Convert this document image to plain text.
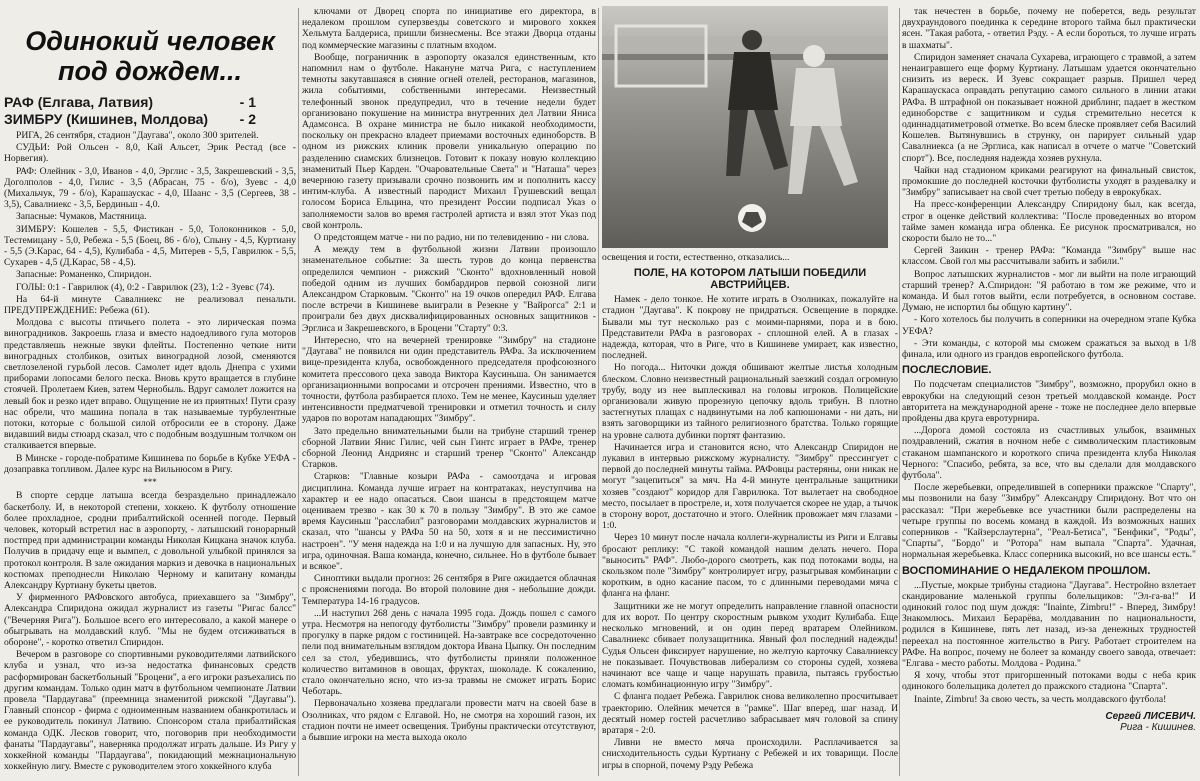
Одинокий человек под дождем...
РАФ (Елгава, Латвия)	- 1
ЗИМБРУ (Кишинев, Молдова) - 2

РИГА, 26 сентября, стадион "Даугава", около 300 зрителей.

СУДЬИ: Рой Ольсен - 8,0, Кай Альсет, Эрик Рестад (все - Норвегия).

РАФ: Олейник - 3,0, Иванов - 4,0, Эрглис - 3,5, Закрешевский - 3,5, Доголполов - 4,0, Гилис - 3,5 (Абрасан, 75 - б/о), Зуевс - 4,0 (Михальчук, 79 - б/о), Карашаускас - 4,0, Шаанс - 3,5 (Сергеев, 38 - 3,5), Савалниекс - 3,5, Бердиньш - 4,0.

Запасные: Чумаков, Мастяница.

ЗИМБРУ: Кошелев - 5,5, Фистикан - 5,0, Толоконников - 5,0, Тестемицану - 5,0, Ребежа - 5,5 (Боец, 86 - б/о), Спыну - 4,5, Куртиану - 5,5 (Э.Карас, 64 - 4,5), Кулибаба - 4,5, Митерев - 5,5, Гаврилюк - 5,5, Сухарев - 4,5 (Д.Карас, 58 - 4,5).

Запасные: Романенко, Спиридон.

ГОЛЫ: 0:1 - Гаврилюк (4), 0:2 - Гаврилюк (23), 1:2 - Зуевс (74).

На 64-й минуте Савалниекс не реализовал пенальти. ПРЕДУПРЕЖДЕНИЕ: Ребежа (61).

Молдова с высоты птичьего полета - это лирическая поэма виноградников. Закроешь глаза и вместо надоедливого гула моторов представляешь нежные звуки флейты. Постепенно четкие нити виноградных столбиков, озитых виноградной лозой, сменяются светлозеленой гурьбой лесов. Самолет идет вдоль Днепра с ухими приборами лопосами белого песка. Вновь круто вращается в глубине стоячей. Пролетаем Киев, затем Чернобыль. Вдруг самолет ложится на левый бок и резко идет вправо. Ощущение не из приятных! Пути сразу нас обрели, что машина попала в так называемые турбулентные потоки, которые с большой силой отбросили ее в сторону. Даже видавший виды стюард сказал, что с подобным воздушным толчком он сталкивается впервые.

В Минске - городе-побратиме Кишинева по борьбе в Кубке УЕФА - дозаправка топливом. Далее курс на Вильнюсом в Ригу.

***

В спорте сердце латыша всегда безраздельно принадлежало баскетболу. И, в некоторой степени, хоккею. К футболу отношение более прохладное, сродни прибалтийской осенней погоде. Первый человек, который встретил нас в аэропорту, - латышский гонорарный постпред при администрации команды Николая Кицкана значок клуба. Получив в придачу еще и вымпел, с довольной улыбкой принялся за протокол контроля. В зале ожидания маркиз и девочка в национальных костюмах преподнесли Николаю Черному и капитану команды Александру Куртиану букеты цветов.

У фирменного РАФовского автобуса, приехавшего за "Зимбру", Александра Спиридона ожидал журналист из газеты "Ригас балсс" ("Вечерняя Рига"). Большое всего его интересовало, а какой манере о обыгрывать на молдавский клуб. "Мы не будем отсиживаться в обороне", - коротко ответил Спиридон.

Вечером в разговоре со спортивными руководителями латвийского клуба и узнал, что из-за недостатка финансовых средств расформирован баскетбольный "Броцени", а его игроки разъехались по другим командам. Только один матч в футбольном чемпионате Латвии провела "Пардаугава" (преемница знаменитой рижской "Даугавы"). Главный спонсор - фирма с одноименным названием обанкротилась и ее руководитель покинул Латвию. Спонсором стала прибалтийская команда ОДК. Лесков говорит, что, поговорив при необходимости фанаты "Пардаугавы", наверняка продолжат играть дальше. Из Ригу у хоккейной команды "Пардаугава", покидающий межнациональную хоккейную лигу. Вместе с руководителем этого хоккейного клуба

ключами от Дворец спорта по инициативе его директора, в недалеком прошлом суперзвезды советского и мирового хоккея Хельмута Балдериса, пришли бизнесмены. Все этажи Дворца отданы под коммерческие магазины с платным входом.

Вообще, пограничник в аэропорту оказался единственным, кто напомнил нам о футболе. Накануне матча Рига, с наступлением темноты закутавшаяся в сияние огней отелей, ресторанов, магазинов, жила событиями, собственными интересами. Неизвестный телефонный звонок предупредил, что в течение недели будет организовано покушение на министра внутренних дел Латвии Яниса Адамсонса. В охране министра не было никакой необходимости, поскольку он прекрасно владеет приемами восточных единоборств. В одном из рижских клиник провели уникальную операцию по разделению сиамских близнецов. Готовит к показу новую коллекцию знаменитый Пьер Карден. "Очаровательные Света" и "Наташа" через вечернюю газету призывали срочно позвонить им и пополнить кассу интим-клуба. А известный пародист Михаил Грушевский вещал голосом Бориса Ельцина, что президент России подписал Указ о заполняемости залов во время гастролей артиста и взял этот Указ под свой контроль.

О предстоящем матче - ни по радио, ни по телевидению - ни слова.

А между тем в футбольной жизни Латвии произошло знаменательное событие: За шесть туров до конца первенства определился чемпион - рижский "Сконто" вдохновленный новой победой одним из лучших бомбардиров первой союзной лиги Александром Старковым. "Сконто" на 19 очков опередил РАФ. Елгава после встречи в Кишиневе выиграли в Резекне у "Вайрогса" 2:1 и проиграли без двух дисквалифицированных основных защитников - Эрглиса и Закрешевского, в Броцени "Старту" 0:3.

Интересно, что на вечерней тренировке "Зимбру" на стадионе "Даугава" не появился ни один представитель РАФа. За исключением вице-президента клуба, освобожденного председателя профсоюзного комитета прессового цеха завода Виктора Каусиньша. Он занимается организационными вопросами и отсрочен прениями. Известно, что в точности, футбола разбирается плохо. Тем не менее, Каусиньш уделяет интенсивности предматчевой тренировки и отметил точность и силу ударов по воротам нападающих "Зимбру".

Зато предельно внимательными были на трибуне старший тренер сборной Латвии Янис Гилис, чей сын Гинтс играет в РАФе, тренер сборной Леонид Андриянс и старший тренер "Сконто" Александр Старков.

Старков: "Главные козыри РАФа - самоотдача и игровая дисциплина. Команда лучше играет на контратаках, неуступчива на характер и ее надо опасаться. Свои шансы в предстоящем матче оцениваем трезво - как 30 к 70 в пользу "Зимбру". В это же самое время Каусиньш "расслабил" разговорами молдавских журналистов и сказал, что "шансы у РАФа 50 на 50, хотя я и не пессимистично настроен". "У меня надежда на 1:0 и на лучшую для запасных. Ну, это игра, одиночная. Ваша команда, конечно, сильнее. Но в футболе бывает и всякое".

Синоптики выдали прогноз: 26 сентября в Риге ожидается облачная с прояснениями погода. Во второй половине дня - небольшие дожди. Температура 14-16 градусов.

...И наступил 268 день с начала 1995 года. Дождь пошел с самого утра. Несмотря на непогоду футболисты "Зимбру" провели разминку и прогулку в парке рядом с гостиницей. На-завтраке все сосредоточенно пели под внимательным взглядом доктора Ивана Цыпку. Он последним сел за стол, убедившись, что футболисты приняли положенное количество витаминов в овощах, фруктах, шоколаде. К сожалению, стало окончательно ясно, что из-за травмы не сможет играть Борис Чеботарь.

Первоначально хозяева предлагали провести матч на своей базе в Озолниках, что рядом с Елгавой. Но, не смотря на хороший газон, их стадион почти не имеет освещения. Трибуны практически отсутствуют, а бывшие игроки на места выхода около

освещения и гости, естественно, отказались...
ПОЛЕ, НА КОТОРОМ ЛАТЫШИ ПОБЕДИЛИ АВСТРИЙЦЕВ.

Намек - дело тонкое. Не хотите играть в Озолниках, пожалуйте на стадион "Даугава". К покрову не придраться. Освещение в порядке. Бывали мы тут несколько раз с моими-парнями, пора и в бою. Представители РАФа в разговорах - сплошной елей. А в глазах - надежда, которая, что в Риге, что в Кишиневе умирает, как известно, последней.

Но погода... Ниточки дождя обшивают желтые листья холодным блеском. Словно неизвестный рациональный заезжий создал огромную трубу, воду из нее выплескивал на головы игроков. Полицейские организовали живую прорезную цепочку вдоль трибун. В плотно застегнутых плащах с надвинутыми на лоб капюшонами - ни дать, ни взять заговорщики из тайного религиозного братства. Только горящие на уровне салюта дубинки портят фантазию.

Начинается игра и становится ясно, что Александр Спиридон не лукавил в интервью рижскому журналисту. "Зимбру" прессингует с первой до последней минуты тайма. РАФовцы растеряны, они никак не могут "зацепиться" за мяч. На 4-й минуте центральные защитники хозяев "создают" коридор для Гаврилюка. Тот вылетает на свободное место, посылает в простреле, и, хотя получается скорее не удар, а тычок в сторону ворот, достаточно и этого. Олейник провожает мяч глазами - 1:0.

Через 10 минут после начала коллеги-журналисты из Риги и Елгавы бросают реплику: "С такой командой нашим делать нечего. Пора "выносить" РАФ". Любо-дорого смотреть, как под потоками воды, на скользком поле "Зимбру" контролирует игру, разыгрывая комбинации с коротким, в одно касание пасом, то с длинными переводами мяча с фланга на фланг.

Защитники же не могут определить направление главной опасности для их ворот. По центру скоростным рывком уходит Кулибаба. Еще несколько мгновений, и он один перед вратарем Олейником. Савалниекс сбивает полузащитника. Явный фол последний надежды! Судья Ольсен фиксирует нарушение, но желтую карточку Савалниексу не показывает. Почувствовав либерализм со стороны судей, хозяева начинают все чаще и чаще нарушать правила, пытаясь грубостью сломать комбинационную игру "Зимбру".

С фланга подает Ребежа. Гаврилюк снова великолепно просчитывает траекторию. Олейник мечется в "рамке". Шаг вперед, шаг назад. И десятый номер гостей расчетливо забрасывает мяч головой за спину вратаря - 2:0.

Ливни не вместо мяча происходили. Расплачивается за снисходительность судьи Куртиану с Ребежей и их товарищи. После игры в спорной, почему Рэду Ребежа

так нечестен в борьбе, почему не поберется, ведь результат двухраундового поединка к середине второго тайма был практически ясен. "Такая работа, - ответил Рэду. - А если бороться, то лучше играть в шахматы".

Спиридон заменяет сначала Сухарева, играющего с травмой, а затем ненаигравшего еще форму Куртиану. Латышам удается окончательно снизить из вереск. И Зуевс сокращает разрыв. Пришел черед Карашаускаса оправдать репутацию самого сильного в линии атаки РАФа. В штрафной он показывает ножной дриблинг, падает в жестком единоборстве с защитником и судья стремительно несется к одиннадцатиметровой отметке. Во всем блеске проявляет себя Василий Кошелев. Вытянувшись в струнку, он парирует сильный удар Савалниекса (а не Эрглиса, как написал в отчете о матче "Советский спорт"). Все, последняя надежда хозяев рухнула.

Чайки над стадионом криками реагируют на финальный свисток, промокшие до последней косточки футболисты уходят в раздевалку и "Зимбру" записывает на свой счет третью победу в еврокубках.

На пресс-конференции Александру Спиридону был, как всегда, строг в оценке действий коллектива: "После проведенных во втором тайме замен команда игра обленка. Ее рисунок просматривался, но скорости было не то..."

Сергей Заикин - тренер РАФа: "Команда "Зимбру" выше нас классом. Свой гол мы рассчитывали забить и забили."

Вопрос латышских журналистов - мог ли выйти на поле играющий старший тренер? А.Спиридон: "Я работаю в том же режиме, что и команда. И был готов выйти, если потребуется, в основном составе. Думаю, не испортил бы общую картину".

- Кого хотелось бы получить в соперники на очередном этапе Кубка УЕФА?

- Эти команды, с которой мы сможем сражаться за выход в 1/8 финала, или одного из грандов европейского футбола.

ПОСЛЕСЛОВИЕ.

По подсчетам специалистов "Зимбру", возможно, прорубил окно в еврокубки на следующий сезон третьей молдавской команде. Рост авторитета на международной арене - тоже не последнее дело впервые пройдены два круга еврoтурнира.

...Дорога домой состояла из счастливых улыбок, взаимных поздравлений, сжатия в ночном небе с символическим пластиковым стаканом шампанского и короткого спича президента клуба Николая Черного: "Спасибо, ребята, за все, что вы сделали для молдавского футбола".

После жеребьевки, определившей в соперники пражское "Спарту", мы позвонили на базу "Зимбру" Александру Спиридону. Вот что он рассказал: "При жеребьевке все участники были распределены на четыре группы по восемь команд в каждой. Из возможных наших соперников - "Кайзерслаутерна", "Реал-Бетиса", "Бенфики", "Роды", "Спарты", "Бордо" и "Ротора" нам выпала "Спарта". Удачная, нормальная жеребьевка. Класс соперника высокий, но все шансы есть."

ВОСПОМИНАНИЕ О НЕДАЛЕКОМ ПРОШЛОМ.

...Пустые, мокрые трибуны стадиона "Даугава". Нестройно взлетает скандирование маленькой группы болельщиков: "Эл-га-ва!" И одинокий голос под шум дождя: "Inainte, Zimbru!" - Вперед, Зимбру! Знакомлюсь. Михаил Берарёва, молдаванин по национальности, родился в Кишиневе, пять лет назад, из-за денежных трудностей переехал на постоянное жительство в Ригу. Работает строителем на РАФе. На вопрос, почему не болеет за команду своего завода, отвечает: "Елгава - место работы. Молдова - Родина."

Я хочу, чтобы этот пригоршенный потоками воды с неба крик одинокого болельщика долетел до пражского стадиона "Спарта".

Inainte, Zimbru! За свою честь, за честь молдавского футбола!

Сергей ЛИСЕВИЧ.
Рига - Кишинев.
